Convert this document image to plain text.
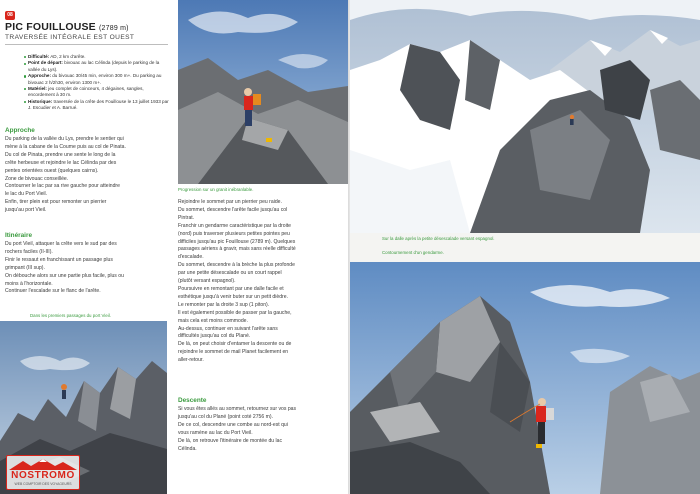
08
PIC FOUILLOUSE (2789 m)
TRAVERSÉE INTÉGRALE EST OUEST
Difficulté: AD, 2 km d'arête.
Point de départ: bivouac au lac Célinda (depuis le parking de la vallée du Lys).
Approche: du bivouac 30/45 min, environ 300 m+. Du parking au bivouac 2 h/2h30, environ 1300 m+.
Matériel: jeu complet de coinceurs, 4 dégaines, sangles, encordement à 30 m.
Historique: traversée de la crête des Fouillouse le 13 juillet 1933 par J. Escudier et A. Barrué.
Approche

Du parking de la vallée du Lys, prendre le sentier qui

mène à la cabane de la Coume puis au col de Pinata.

Du col de Pinata, prendre une sente le long de la

crête herbeuse et rejoindre le lac Célinda par des

pentes orientées ouest (quelques cairns).

Zone de bivouac conseillée.

Contourner le lac par sa rive gauche pour atteindre

le lac du Port Vieil.

Enfin, tirer plein est pour remonter un pierrier

jusqu'au port Vieil.

Itinéraire

Du port Vieil, attaquer la crête vers le sud par des

rochers faciles (II-III).

Finir le ressaut en franchissant un passage plus

grimpant (III sup).

On débouche alors sur une partie plus facile, plus ou

moins à l'horizontale.

Continuer l'escalade sur le flanc de l'arête.

Dans les premiers passages du port Vieil.
Progression sur un granit inébranlable.

Rejoindre le sommet par un pierrier peu raide.

Du sommet, descendre l'arête facile jusqu'au col

Pintrat.

Franchir un gendarme caractéristique par la droite

(nord) puis traverser plusieurs petites pointes peu

difficiles jusqu'au pic Fouillouse (2789 m). Quelques

passages aériens à gravir, mais sans réelle difficulté

d'escalade.

Du sommet, descendre à la brèche la plus profonde

par une petite désescalade ou un court rappel

(plutôt versant espagnol).

Poursuivre en remontant par une dalle facile et

esthétique jusqu'à venir buter sur un petit dièdre.

Le remonter par la droite 3 sup (1 piton).

Il est également possible de passer par la gauche,

mais cela est moins commode.

Au-dessus, continuer en suivant l'arête sans

difficultés jusqu'au col du Plané.

De là, on peut choisir d'entamer la descente ou de

rejoindre le sommet de mail Planet facilement en

aller-retour.

Descente

Si vous êtes allés au sommet, retournez sur vos pas

jusqu'au col du Plané (point coté 2756 m).

De ce col, descendre une combe au nord-est qui

vous ramène au lac du Port Vieil.

De là, on retrouve l'itinéraire de montée du lac

Célinda.

NOSTROMO
WEB COMPTOIR DES VOYAGEURS
Sur la dalle après la petite désescalade versant espagnol.
Contournement d'un gendarme.
